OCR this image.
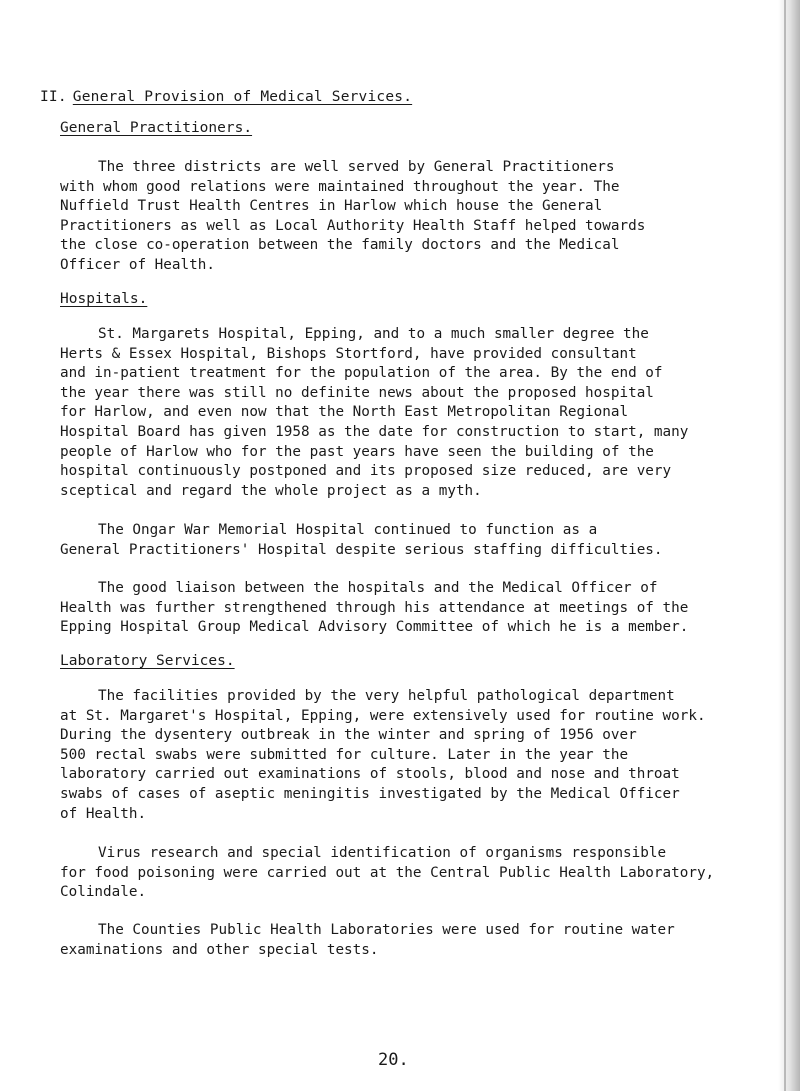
II. General Provision of Medical Services.
General Practitioners.
The three districts are well served by General Practitioners
with whom good relations were maintained throughout the year. The
Nuffield Trust Health Centres in Harlow which house the General
Practitioners as well as Local Authority Health Staff helped towards
the close co-operation between the family doctors and the Medical
Officer of Health.
Hospitals.
St. Margarets Hospital, Epping, and to a much smaller degree the
Herts & Essex Hospital, Bishops Stortford, have provided consultant
and in-patient treatment for the population of the area. By the end of
the year there was still no definite news about the proposed hospital
for Harlow, and even now that the North East Metropolitan Regional
Hospital Board has given 1958 as the date for construction to start, many
people of Harlow who for the past years have seen the building of the
hospital continuously postponed and its proposed size reduced, are very
sceptical and regard the whole project as a myth.
The Ongar War Memorial Hospital continued to function as a
General Practitioners' Hospital despite serious staffing difficulties.
The good liaison between the hospitals and the Medical Officer of
Health was further strengthened through his attendance at meetings of the
Epping Hospital Group Medical Advisory Committee of which he is a member.
Laboratory Services.
The facilities provided by the very helpful pathological department
at St. Margaret's Hospital, Epping, were extensively used for routine work.
During the dysentery outbreak in the winter and spring of 1956 over
500 rectal swabs were submitted for culture. Later in the year the
laboratory carried out examinations of stools, blood and nose and throat
swabs of cases of aseptic meningitis investigated by the Medical Officer
of Health.
Virus research and special identification of organisms responsible
for food poisoning were carried out at the Central Public Health Laboratory,
Colindale.
The Counties Public Health Laboratories were used for routine water
examinations and other special tests.
20.
